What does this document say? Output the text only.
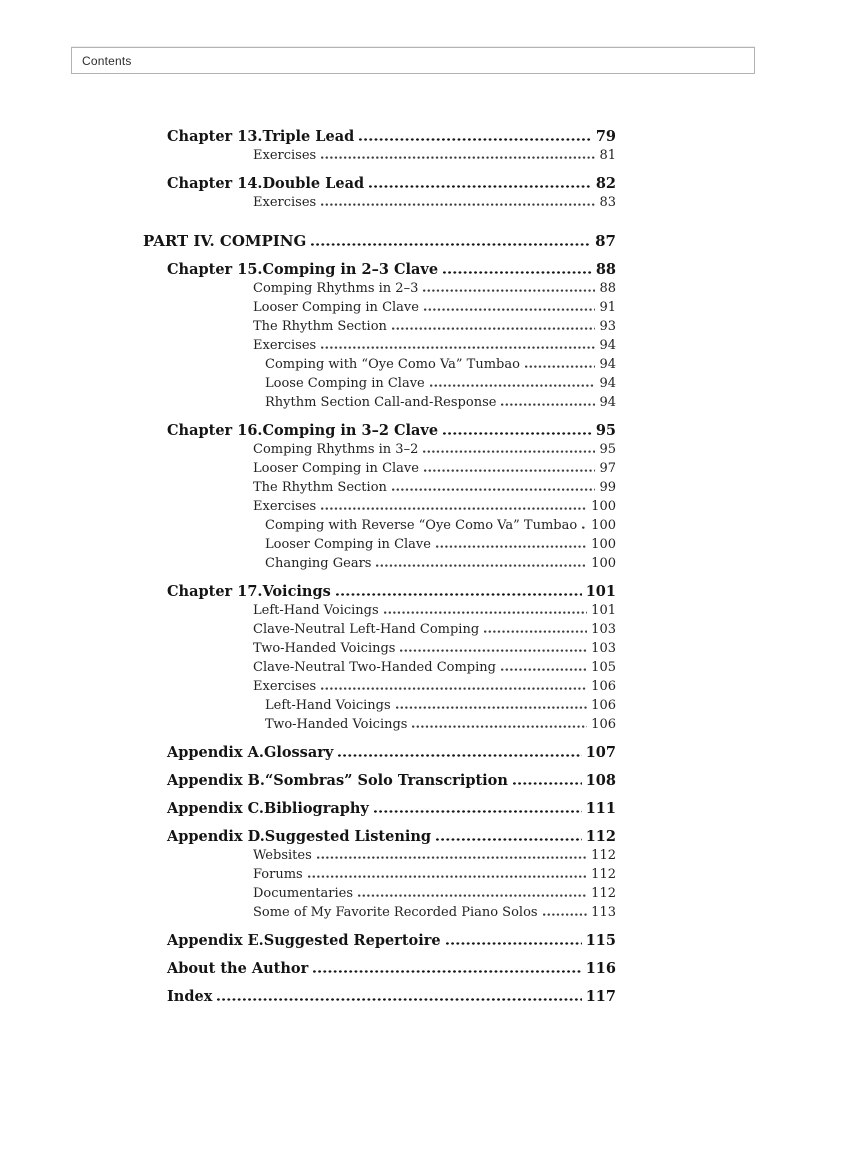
Contents
Chapter 13. Triple Lead	79
Exercises	81
Chapter 14. Double Lead	82
Exercises	83
PART IV. COMPING	87
Chapter 15. Comping in 2–3 Clave	88
Comping Rhythms in 2–3	88
Looser Comping in Clave	91
The Rhythm Section	93
Exercises	94
Comping with “Oye Como Va” Tumbao	94
Loose Comping in Clave	94
Rhythm Section Call-and-Response	94
Chapter 16. Comping in 3–2 Clave	95
Comping Rhythms in 3–2	95
Looser Comping in Clave	97
The Rhythm Section	99
Exercises	100
Comping with Reverse “Oye Como Va” Tumbao 100
Looser Comping in Clave	100
Changing Gears	100
Chapter 17. Voicings	101
Left-Hand Voicings	101
Clave-Neutral Left-Hand Comping	103
Two-Handed Voicings	103
Clave-Neutral Two-Handed Comping	105
Exercises	106
Left-Hand Voicings	106
Two-Handed Voicings	106
Appendix A. Glossary	107
Appendix B. “Sombras” Solo Transcription	108
Appendix C. Bibliography	111
Appendix D. Suggested Listening	112
Websites	112
Forums	112
Documentaries	112
Some of My Favorite Recorded Piano Solos	113
Appendix E. Suggested Repertoire	115
About the Author	116
Index	117
